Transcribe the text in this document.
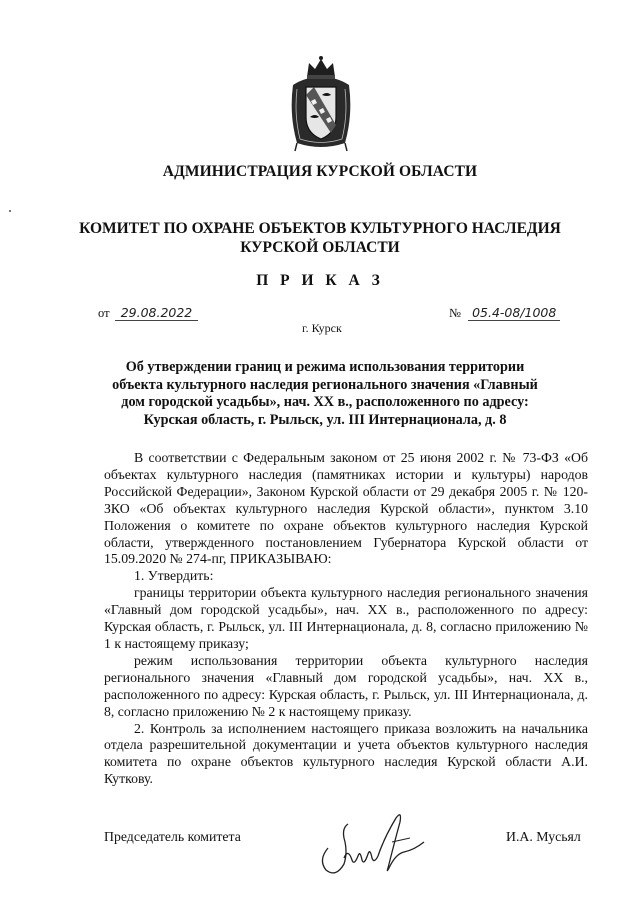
АДМИНИСТРАЦИЯ КУРСКОЙ ОБЛАСТИ
КОМИТЕТ ПО ОХРАНЕ ОБЪЕКТОВ КУЛЬТУРНОГО НАСЛЕДИЯ
КУРСКОЙ ОБЛАСТИ
П Р И К А З
от 29.08.2022	№ 05.4-08/1008
г. Курск
Об утверждении границ и режима использования территории
объекта культурного наследия регионального значения «Главный
дом городской усадьбы», нач. XX в., расположенного по адресу:
Курская область, г. Рыльск, ул. III Интернационала, д. 8

В соответствии с Федеральным законом от 25 июня 2002 г. № 73-ФЗ «Об объектах культурного наследия (памятниках истории и культуры) народов Российской Федерации», Законом Курской области от 29 декабря 2005 г. № 120-ЗКО «Об объектах культурного наследия Курской области», пунктом 3.10 Положения о комитете по охране объектов культурного наследия Курской области, утвержденного постановлением Губернатора Курской области от 15.09.2020 № 274-пг, ПРИКАЗЫВАЮ:

1. Утвердить:

границы территории объекта культурного наследия регионального значения «Главный дом городской усадьбы», нач. XX в., расположенного по адресу: Курская область, г. Рыльск, ул. III Интернационала, д. 8, согласно приложению № 1 к настоящему приказу;

режим использования территории объекта культурного наследия регионального значения «Главный дом городской усадьбы», нач. XX в., расположенного по адресу: Курская область, г. Рыльск, ул. III Интернационала, д. 8, согласно приложению № 2 к настоящему приказу.

2. Контроль за исполнением настоящего приказа возложить на начальника отдела разрешительной документации и учета объектов культурного наследия комитета по охране объектов культурного наследия Курской области А.И. Куткову.

Председатель комитета	И.А. Мусьял
